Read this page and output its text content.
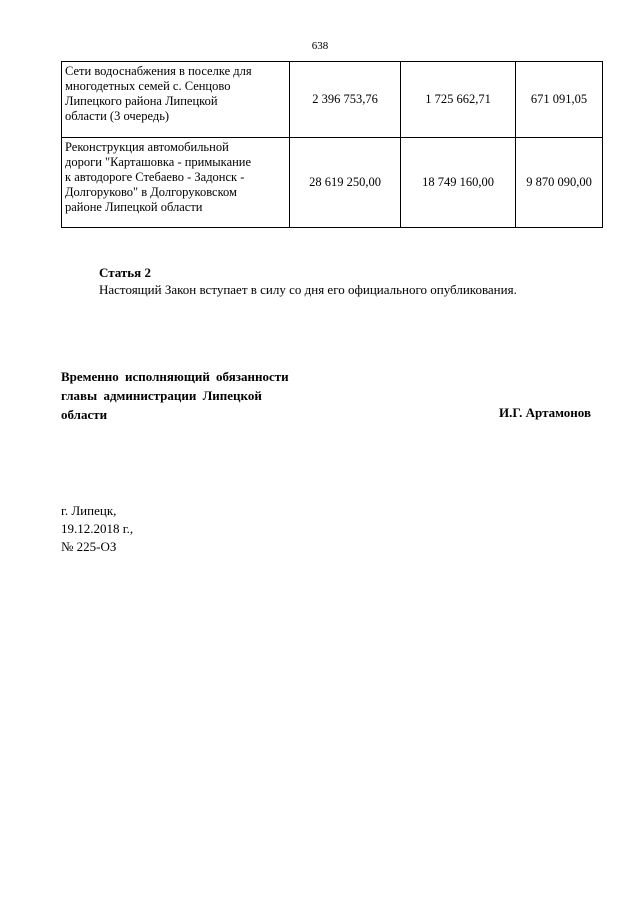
638
Сети водоснабжения в поселке для
многодетных семей с. Сенцово
Липецкого района Липецкой
области (3 очередь)	2 396 753,76	1 725 662,71	671 091,05

Реконструкция автомобильной
дороги "Карташовка - примыкание
к автодороге Стебаево - Задонск -
Долгоруково" в Долгоруковском
районе Липецкой области	28 619 250,00	18 749 160,00	9 870 090,00
Статья 2
Настоящий Закон вступает в силу со дня его официального опубликования.
Временно исполняющий обязанности
главы администрации Липецкой
области	И.Г. Артамонов
г. Липецк,
19.12.2018 г.,
№ 225-ОЗ
